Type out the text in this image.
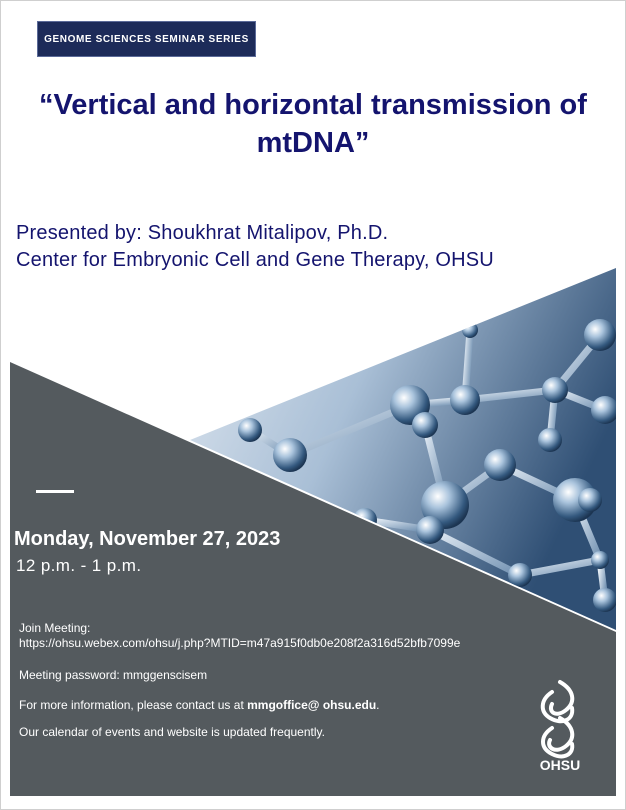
GENOME SCIENCES SEMINAR SERIES
“Vertical and horizontal transmission of
mtDNA”
Presented by: Shoukhrat Mitalipov, Ph.D.
Center for Embryonic Cell and Gene Therapy, OHSU
Monday, November 27, 2023
12 p.m. - 1 p.m.
Join Meeting:
https://ohsu.webex.com/ohsu/j.php?MTID=m47a915f0db0e208f2a316d52bfb7099e
Meeting password: mmggenscisem
For more information, please contact us at mmgoffice@ ohsu.edu.
Our calendar of events and website is updated frequently.
OHSU
